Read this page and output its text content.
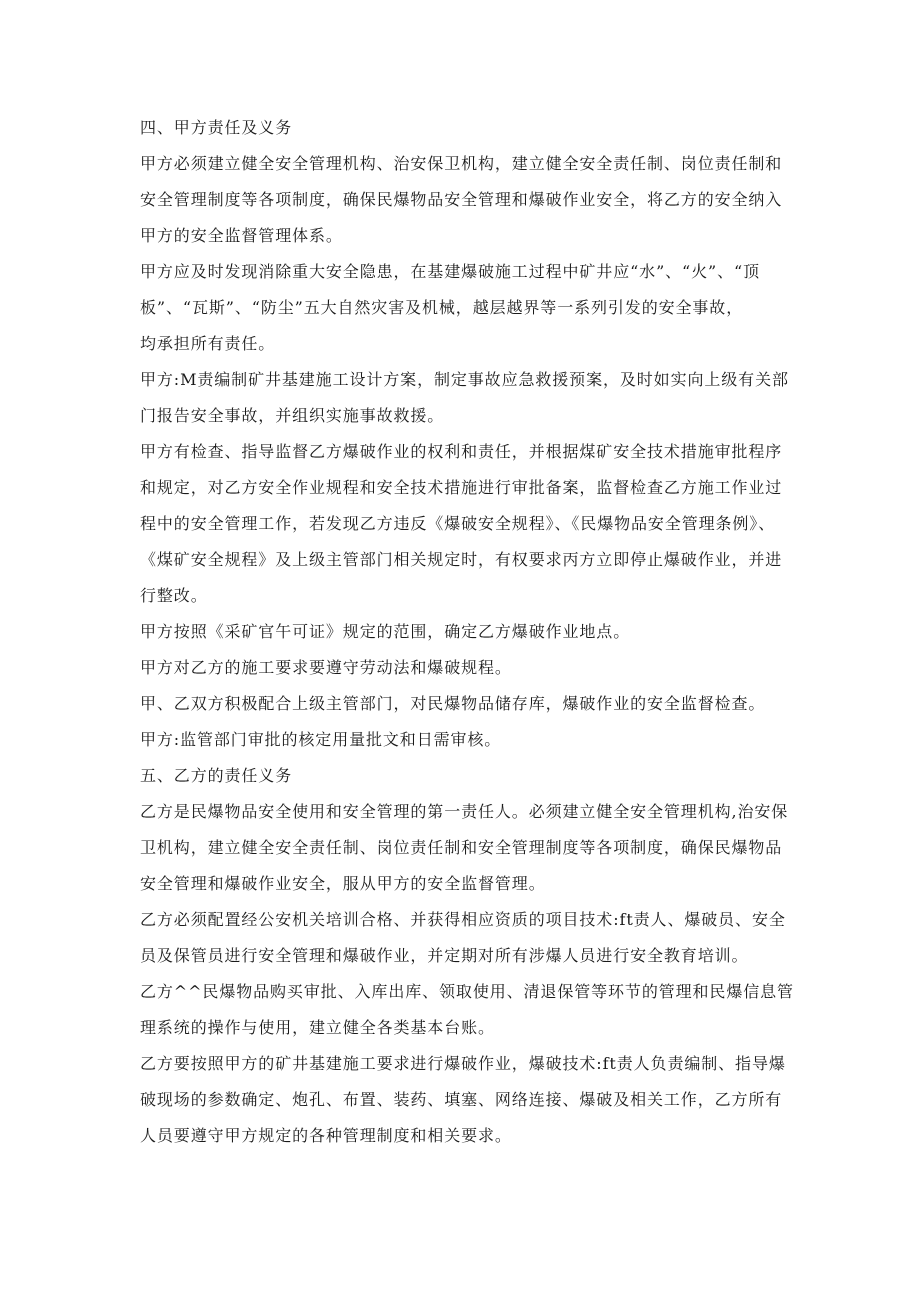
四、甲方责任及义务
甲方必须建立健全安全管理机构、治安保卫机构，建立健全安全责任制、岗位责任制和
安全管理制度等各项制度，确保民爆物品安全管理和爆破作业安全，将乙方的安全纳入
甲方的安全监督管理体系。
甲方应及时发现消除重大安全隐患，在基建爆破施工过程中矿井应“水”、“火”、“顶
板”、“瓦斯”、“防尘”五大自然灾害及机械，越层越界等一系列引发的安全事故，
均承担所有责任。
甲方:M责编制矿井基建施工设计方案，制定事故应急救援预案，及时如实向上级有关部
门报告安全事故，并组织实施事故救援。
甲方有检查、指导监督乙方爆破作业的权利和责任，并根据煤矿安全技术措施审批程序
和规定，对乙方安全作业规程和安全技术措施进行审批备案，监督检查乙方施工作业过
程中的安全管理工作，若发现乙方违反《爆破安全规程》、《民爆物品安全管理条例》、
《煤矿安全规程》及上级主管部门相关规定时，有权要求丙方立即停止爆破作业，并进
行整改。
甲方按照《采矿官午可证》规定的范围，确定乙方爆破作业地点。
甲方对乙方的施工要求要遵守劳动法和爆破规程。
甲、乙双方积极配合上级主管部门，对民爆物品储存库，爆破作业的安全监督检查。
甲方:监管部门审批的核定用量批文和日需审核。
五、乙方的责任义务
乙方是民爆物品安全使用和安全管理的第一责任人。必须建立健全安全管理机构,治安保
卫机构，建立健全安全责任制、岗位责任制和安全管理制度等各项制度，确保民爆物品
安全管理和爆破作业安全，服从甲方的安全监督管理。
乙方必须配置经公安机关培训合格、并获得相应资质的项目技术:ft责人、爆破员、安全
员及保管员进行安全管理和爆破作业，并定期对所有涉爆人员进行安全教育培训。
乙方^^民爆物品购买审批、入库出库、领取使用、清退保管等环节的管理和民爆信息管
理系统的操作与使用，建立健全各类基本台账。
乙方要按照甲方的矿井基建施工要求进行爆破作业，爆破技术:ft责人负责编制、指导爆
破现场的参数确定、炮孔、布置、装药、填塞、网络连接、爆破及相关工作，乙方所有
人员要遵守甲方规定的各种管理制度和相关要求。
